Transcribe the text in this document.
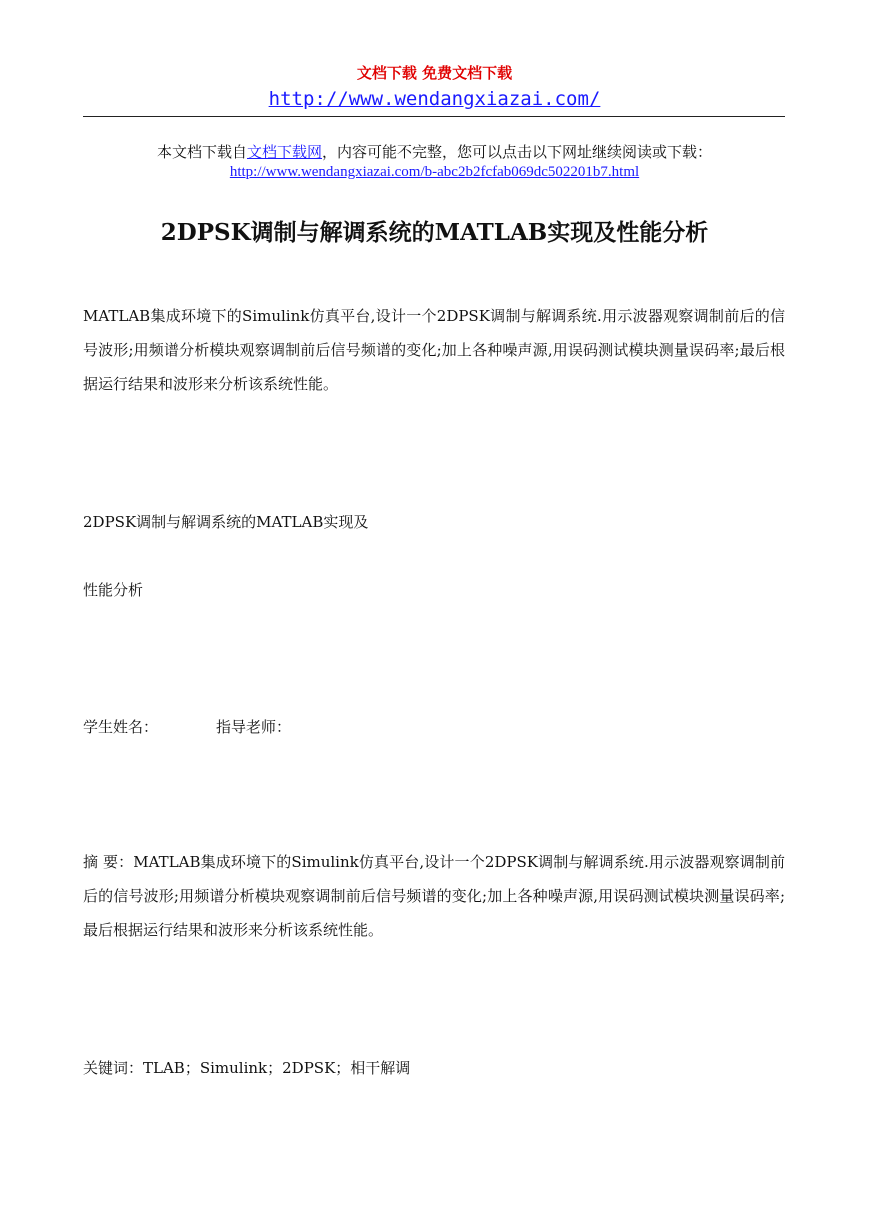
文档下载 免费文档下载
http://www.wendangxiazai.com/
本文档下载自文档下载网，内容可能不完整，您可以点击以下网址继续阅读或下载：
http://www.wendangxiazai.com/b-abc2b2fcfab069dc502201b7.html
2DPSK调制与解调系统的MATLAB实现及性能分析
MATLAB集成环境下的Simulink仿真平台,设计一个2DPSK调制与解调系统.用示波器观察调制前后的信号波形;用频谱分析模块观察调制前后信号频谱的变化;加上各种噪声源,用误码测试模块测量误码率;最后根据运行结果和波形来分析该系统性能。
2DPSK调制与解调系统的MATLAB实现及
性能分析
学生姓名：	指导老师：
摘 要：MATLAB集成环境下的Simulink仿真平台,设计一个2DPSK调制与解调系统.用示波器观察调制前后的信号波形;用频谱分析模块观察调制前后信号频谱的变化;加上各种噪声源,用误码测试模块测量误码率;最后根据运行结果和波形来分析该系统性能。
关键词：TLAB；Simulink；2DPSK；相干解调
